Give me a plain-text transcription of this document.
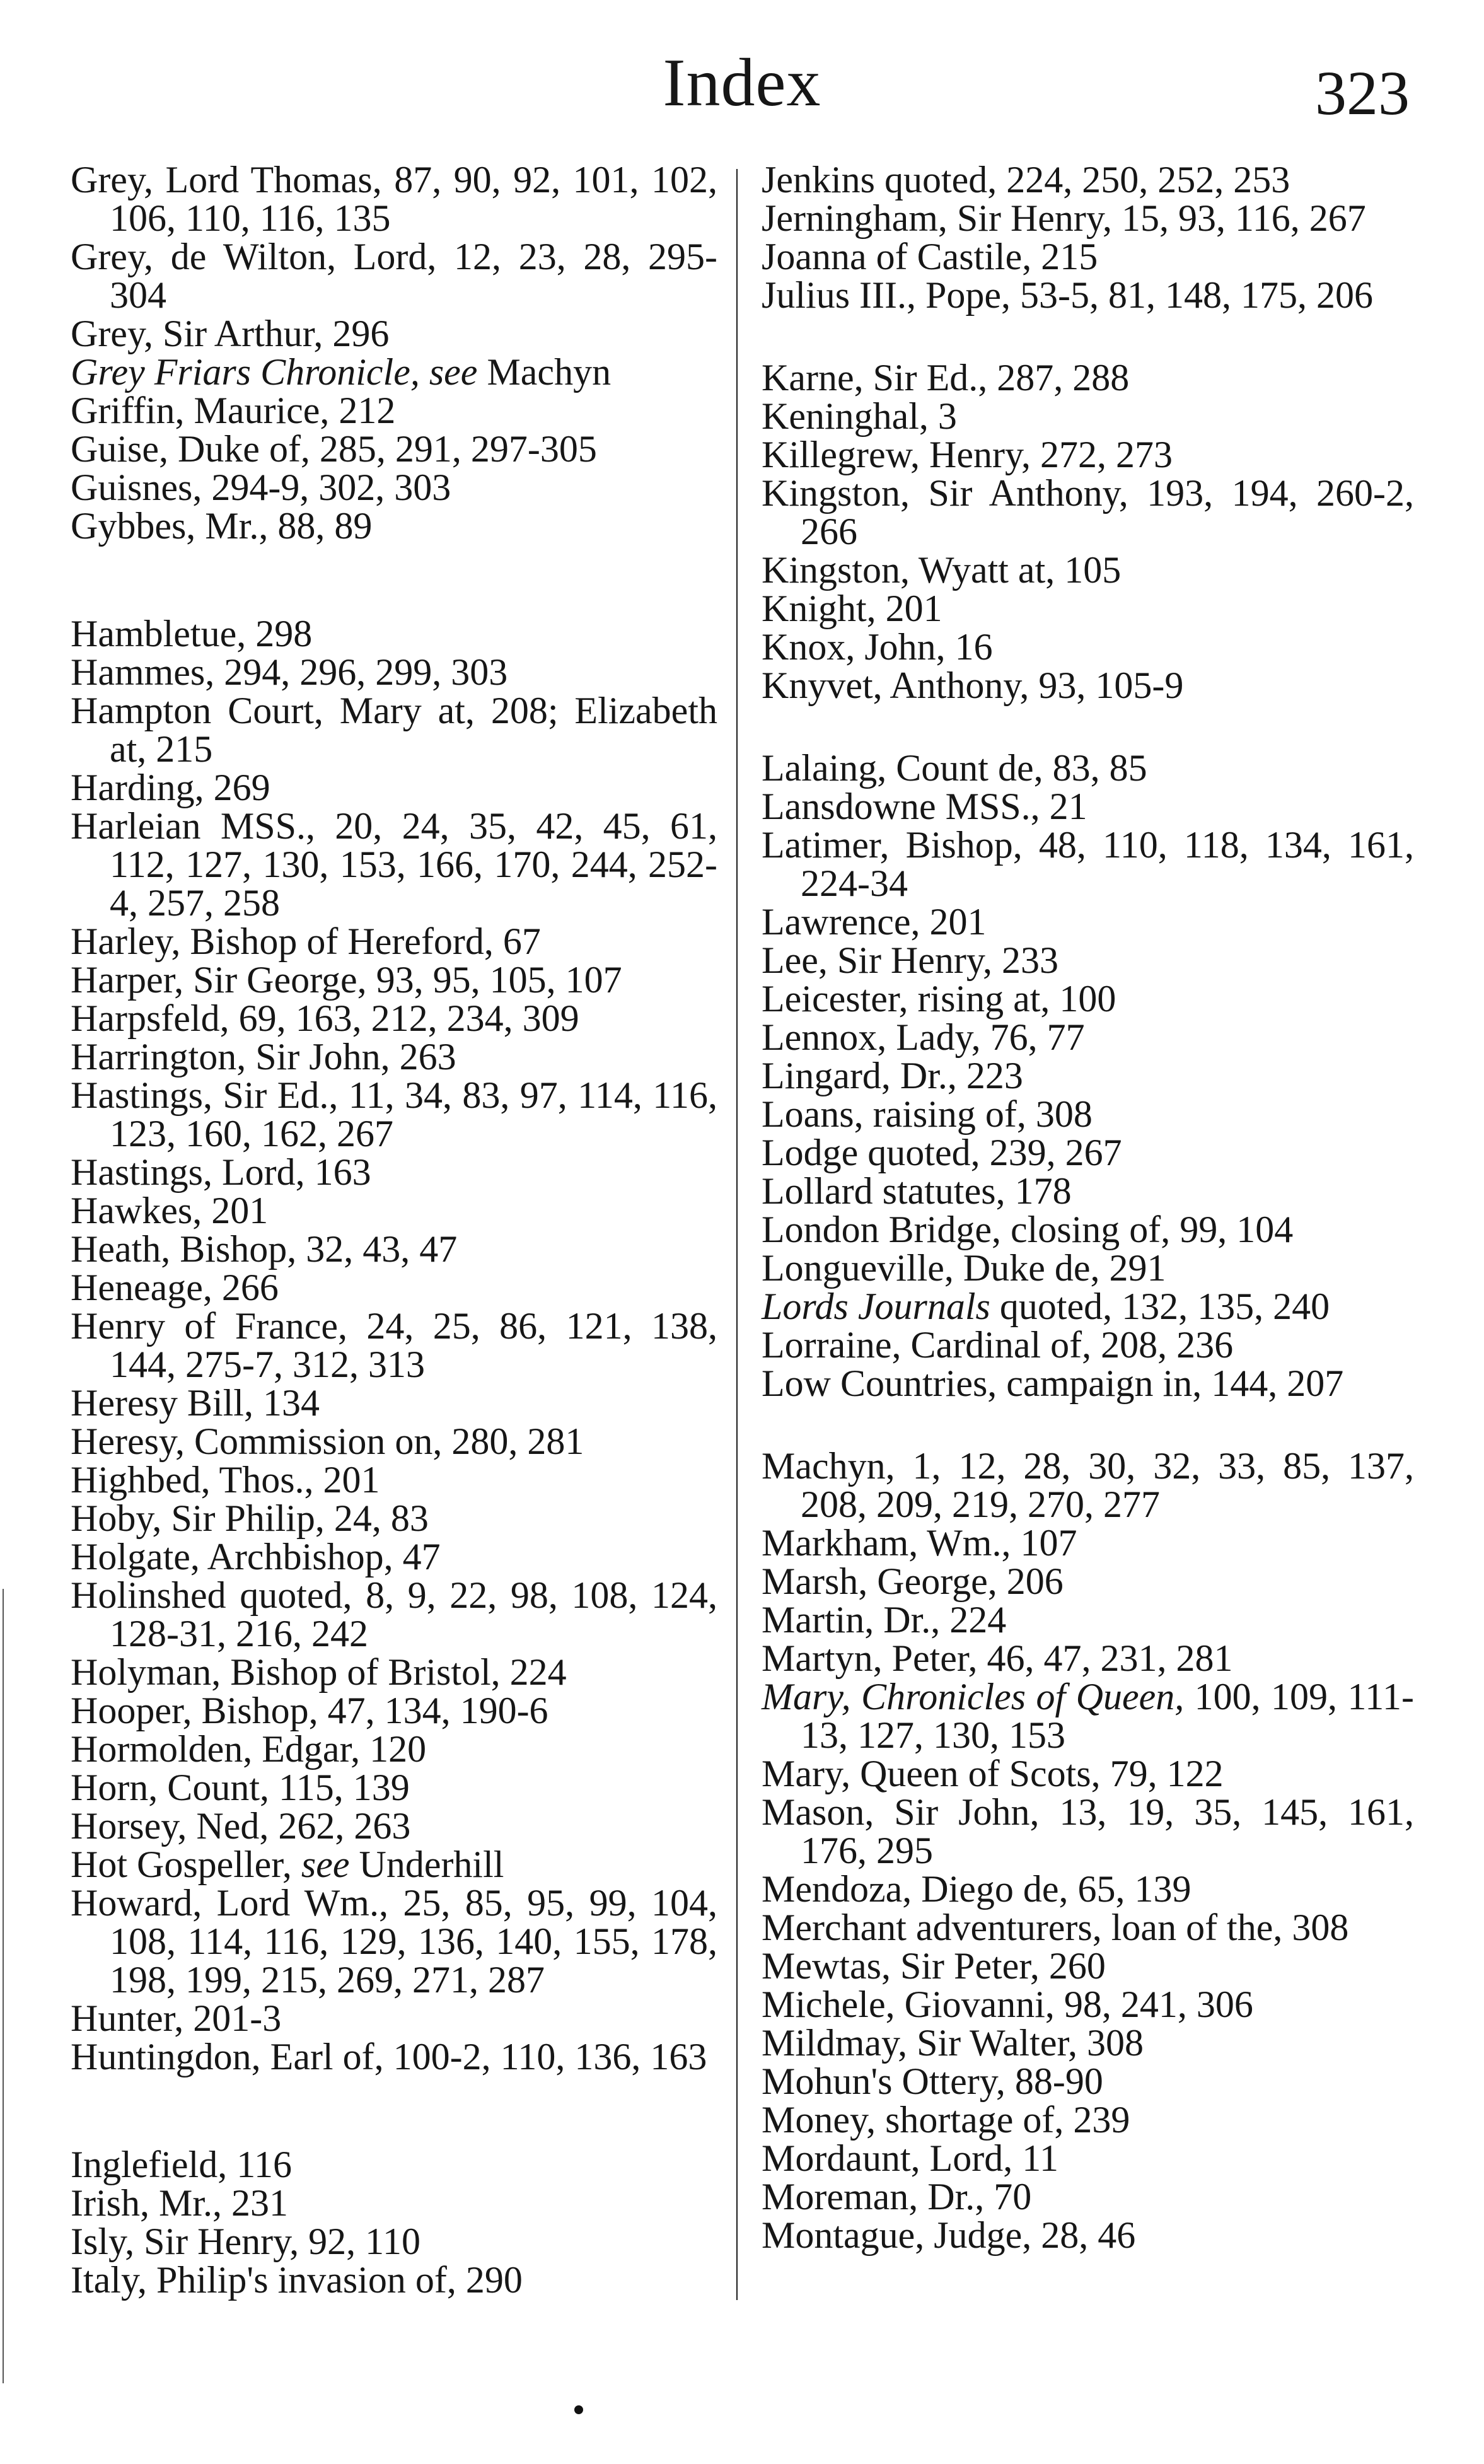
Index	323
Grey, Lord Thomas, 87, 90, 92, 101, 102, 106, 110, 116, 135
Grey, de Wilton, Lord, 12, 23, 28, 295-304
Grey, Sir Arthur, 296
Grey Friars Chronicle, see Machyn
Griffin, Maurice, 212
Guise, Duke of, 285, 291, 297-305
Guisnes, 294-9, 302, 303
Gybbes, Mr., 88, 89
Hambletue, 298
Hammes, 294, 296, 299, 303
Hampton Court, Mary at, 208; Elizabeth at, 215
Harding, 269
Harleian MSS., 20, 24, 35, 42, 45, 61, 112, 127, 130, 153, 166, 170, 244, 252-4, 257, 258
Harley, Bishop of Hereford, 67
Harper, Sir George, 93, 95, 105, 107
Harpsfeld, 69, 163, 212, 234, 309
Harrington, Sir John, 263
Hastings, Sir Ed., 11, 34, 83, 97, 114, 116, 123, 160, 162, 267
Hastings, Lord, 163
Hawkes, 201
Heath, Bishop, 32, 43, 47
Heneage, 266
Henry of France, 24, 25, 86, 121, 138, 144, 275-7, 312, 313
Heresy Bill, 134
Heresy, Commission on, 280, 281
Highbed, Thos., 201
Hoby, Sir Philip, 24, 83
Holgate, Archbishop, 47
Holinshed quoted, 8, 9, 22, 98, 108, 124, 128-31, 216, 242
Holyman, Bishop of Bristol, 224
Hooper, Bishop, 47, 134, 190-6
Hormolden, Edgar, 120
Horn, Count, 115, 139
Horsey, Ned, 262, 263
Hot Gospeller, see Underhill
Howard, Lord Wm., 25, 85, 95, 99, 104, 108, 114, 116, 129, 136, 140, 155, 178, 198, 199, 215, 269, 271, 287
Hunter, 201-3
Huntingdon, Earl of, 100-2, 110, 136, 163
Inglefield, 116
Irish, Mr., 231
Isly, Sir Henry, 92, 110
Italy, Philip's invasion of, 290
Jenkins quoted, 224, 250, 252, 253
Jerningham, Sir Henry, 15, 93, 116, 267
Joanna of Castile, 215
Julius III., Pope, 53-5, 81, 148, 175, 206
Karne, Sir Ed., 287, 288
Keninghal, 3
Killegrew, Henry, 272, 273
Kingston, Sir Anthony, 193, 194, 260-2, 266
Kingston, Wyatt at, 105
Knight, 201
Knox, John, 16
Knyvet, Anthony, 93, 105-9
Lalaing, Count de, 83, 85
Lansdowne MSS., 21
Latimer, Bishop, 48, 110, 118, 134, 161, 224-34
Lawrence, 201
Lee, Sir Henry, 233
Leicester, rising at, 100
Lennox, Lady, 76, 77
Lingard, Dr., 223
Loans, raising of, 308
Lodge quoted, 239, 267
Lollard statutes, 178
London Bridge, closing of, 99, 104
Longueville, Duke de, 291
Lords Journals quoted, 132, 135, 240
Lorraine, Cardinal of, 208, 236
Low Countries, campaign in, 144, 207
Machyn, 1, 12, 28, 30, 32, 33, 85, 137, 208, 209, 219, 270, 277
Markham, Wm., 107
Marsh, George, 206
Martin, Dr., 224
Martyn, Peter, 46, 47, 231, 281
Mary, Chronicles of Queen, 100, 109, 111-13, 127, 130, 153
Mary, Queen of Scots, 79, 122
Mason, Sir John, 13, 19, 35, 145, 161, 176, 295
Mendoza, Diego de, 65, 139
Merchant adventurers, loan of the, 308
Mewtas, Sir Peter, 260
Michele, Giovanni, 98, 241, 306
Mildmay, Sir Walter, 308
Mohun's Ottery, 88-90
Money, shortage of, 239
Mordaunt, Lord, 11
Moreman, Dr., 70
Montague, Judge, 28, 46
